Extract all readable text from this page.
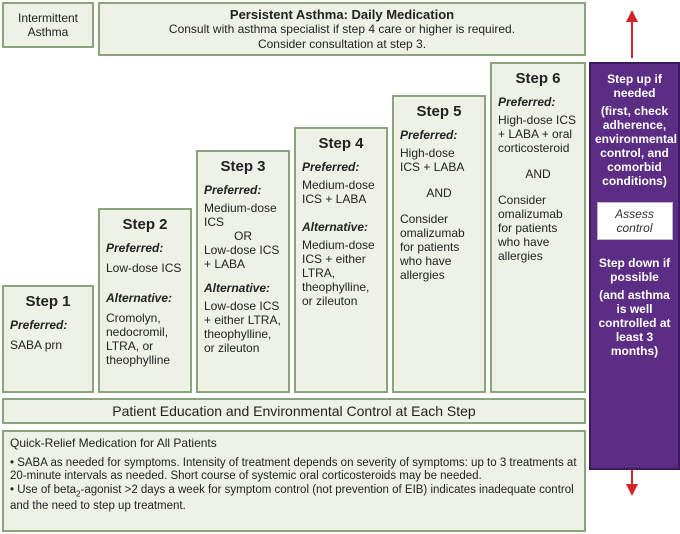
Intermittent
Asthma
Persistent Asthma: Daily Medication
Consult with asthma specialist if step 4 care or higher is required.
Consider consultation at step 3.
Step 1
Preferred:
SABA prn
Step 2
Preferred:
Low-dose ICS
Alternative:
Cromolyn, nedocromil, LTRA, or theophylline
Step 3
Preferred:
Medium-dose ICS
OR
Low-dose ICS + LABA
Alternative:
Low-dose ICS + either LTRA, theophylline, or zileuton
Step 4
Preferred:
Medium-dose ICS + LABA
Alternative:
Medium-dose ICS + either LTRA, theophylline, or zileuton
Step 5
Preferred:
High-dose ICS + LABA
AND
Consider omalizumab for patients who have allergies
Step 6
Preferred:
High-dose ICS + LABA + oral corticosteroid
AND
Consider omalizumab for patients who have allergies
Patient Education and Environmental Control at Each Step
Quick-Relief Medication for All Patients
• SABA as needed for symptoms. Intensity of treatment depends on severity of symptoms: up to 3 treatments at 20-minute intervals as needed. Short course of systemic oral corticosteroids may be needed.
• Use of beta$_2$-agonist >2 days a week for symptom control (not prevention of EIB) indicates inadequate control and the need to step up treatment.
Step up if needed
(first, check adherence, environmental control, and comorbid conditions)
Assess control
Step down if possible
(and asthma is well controlled at least 3 months)
